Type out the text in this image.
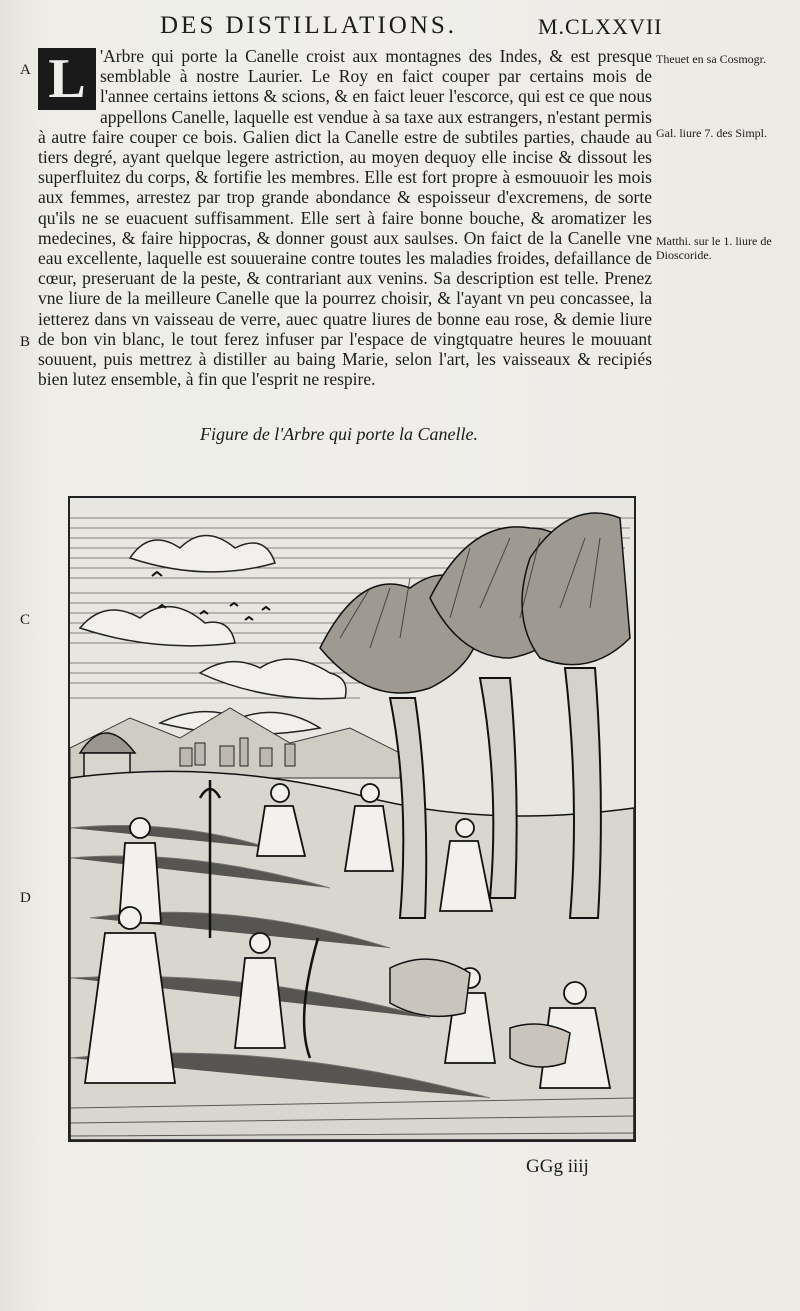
DES DISTILLATIONS.	M.CLXXVII
A
B
C
D
'Arbre qui porte la Canelle croist aux montagnes des Indes, & est presque semblable à nostre Laurier. Le Roy en faict couper par certains mois de l'annee certains iettons & scions, & en faict leuer l'escorce, qui est ce que nous appellons Canelle, laquelle est vendue à sa taxe aux estrangers, n'estant permis à autre faire couper ce bois. Galien dict la Canelle estre de subtiles parties, chaude au tiers degré, ayant quelque legere astriction, au moyen dequoy elle incise & dissout les superfluitez du corps, & fortifie les membres. Elle est fort propre à esmouuoir les mois aux femmes, arrestez par trop grande abondance & espoisseur d'excremens, de sorte qu'ils ne se euacuent suffisamment. Elle sert à faire bonne bouche, & aromatizer les medecines, & faire hippocras, & donner goust aux saulses. On faict de la Canelle vne eau excellente, laquelle est souueraine contre toutes les maladies froides, defaillance de cœur, preseruant de la peste, & contrariant aux venins. Sa description est telle. Prenez vne liure de la meilleure Canelle que la pourrez choisir, & l'ayant vn peu concassee, la ietterez dans vn vaisseau de verre, auec quatre liures de bonne eau rose, & demie liure de bon vin blanc, le tout ferez infuser par l'espace de vingtquatre heures le mouuant souuent, puis mettrez à distiller au baing Marie, selon l'art, les vaisseaux & recipiés bien lutez ensemble, à fin que l'esprit ne respire.
L	Theuet en sa Cosmogr.
Gal. liure 7. des Simpl.
Matthi. sur le 1. liure de Dioscoride.
Figure de l'Arbre qui porte la Canelle.
GGg iiij
